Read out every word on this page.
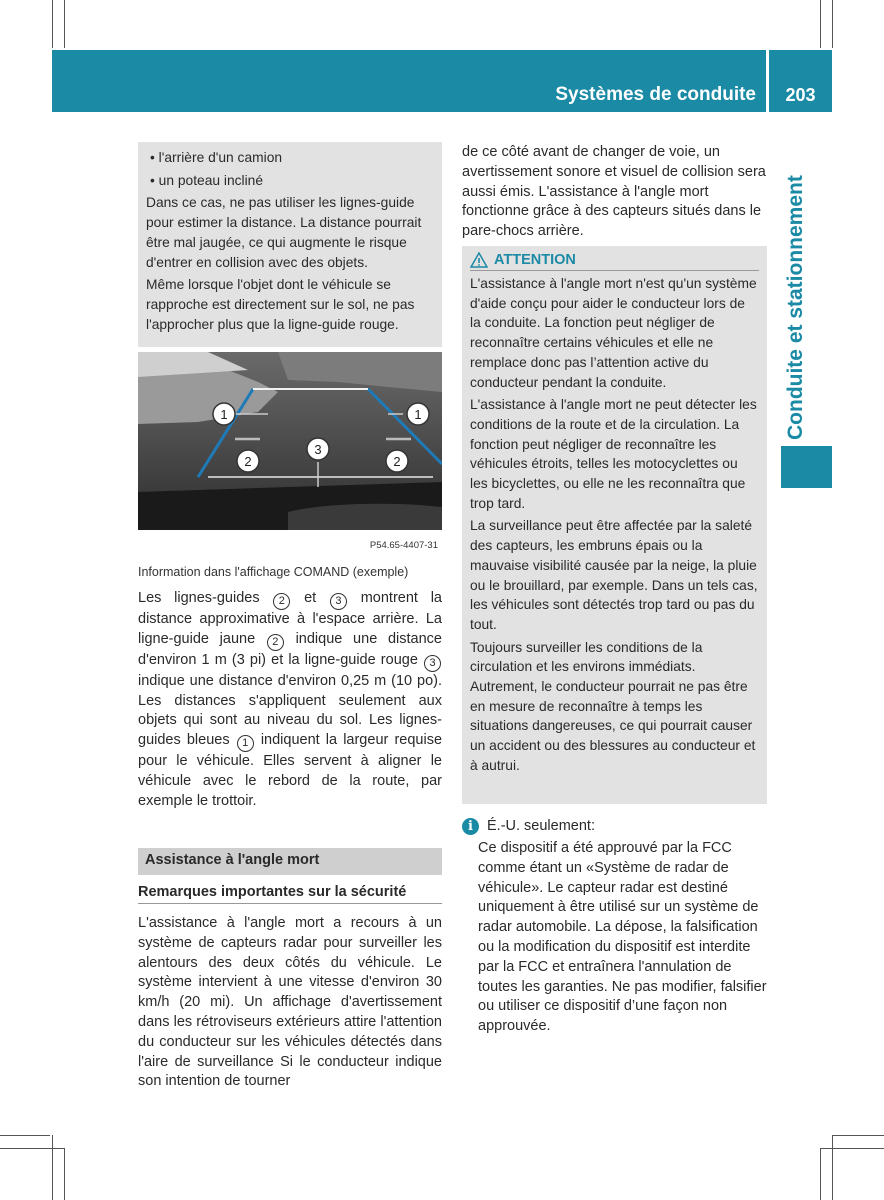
Systèmes de conduite	203
Conduite et stationnement

• l'arrière d'un camion

• un poteau incliné

Dans ce cas, ne pas utiliser les lignes-guide pour estimer la distance. La distance pourrait être mal jaugée, ce qui augmente le risque d'entrer en collision avec des objets.

Même lorsque l'objet dont le véhicule se rapproche est directement sur le sol, ne pas l'approcher plus que la ligne-guide rouge.

1	1
2
3
2
P54.65-4407-31
Information dans l'affichage COMAND (exemple)
Les lignes-guides 2 et 3 montrent la distance approximative à l'espace arrière. La ligne-guide jaune 2 indique une distance d'environ 1 m (3 pi) et la ligne-guide rouge 3 indique une distance d'environ 0,25 m (10 po). Les distances s'appliquent seulement aux objets qui sont au niveau du sol. Les lignes-guides bleues 1 indiquent la largeur requise pour le véhicule. Elles servent à aligner le véhicule avec le rebord de la route, par exemple le trottoir.
Assistance à l'angle mort
Remarques importantes sur la sécurité
L'assistance à l'angle mort a recours à un système de capteurs radar pour surveiller les alentours des deux côtés du véhicule. Le système intervient à une vitesse d'environ 30 km/h (20 mi). Un affichage d'avertissement dans les rétroviseurs extérieurs attire l'attention du conducteur sur les véhicules détectés dans l'aire de surveillance Si le conducteur indique son intention de tourner
de ce côté avant de changer de voie, un avertissement sonore et visuel de collision sera aussi émis. L'assistance à l'angle mort fonctionne grâce à des capteurs situés dans le pare-chocs arrière.
ATTENTION

L'assistance à l'angle mort n'est qu'un système d'aide conçu pour aider le conducteur lors de la conduite. La fonction peut négliger de reconnaître certains véhicules et elle ne remplace donc pas l’attention active du conducteur pendant la conduite.

L'assistance à l'angle mort ne peut détecter les conditions de la route et de la circulation. La fonction peut négliger de reconnaître les véhicules étroits, telles les motocyclettes ou les bicyclettes, ou elle ne les reconnaîtra que trop tard.

La surveillance peut être affectée par la saleté des capteurs, les embruns épais ou la mauvaise visibilité causée par la neige, la pluie ou le brouillard, par exemple. Dans un tels cas, les véhicules sont détectés trop tard ou pas du tout.

Toujours surveiller les conditions de la circulation et les environs immédiats. Autrement, le conducteur pourrait ne pas être en mesure de reconnaître à temps les situations dangereuses, ce qui pourrait causer un accident ou des blessures au conducteur et à autrui.

i É.-U. seulement:
Ce dispositif a été approuvé par la FCC comme étant un «Système de radar de véhicule». Le capteur radar est destiné uniquement à être utilisé sur un système de radar automobile. La dépose, la falsification ou la modification du dispositif est interdite par la FCC et entraînera l'annulation de toutes les garanties. Ne pas modifier, falsifier ou utiliser ce dispositif d’une façon non approuvée.
